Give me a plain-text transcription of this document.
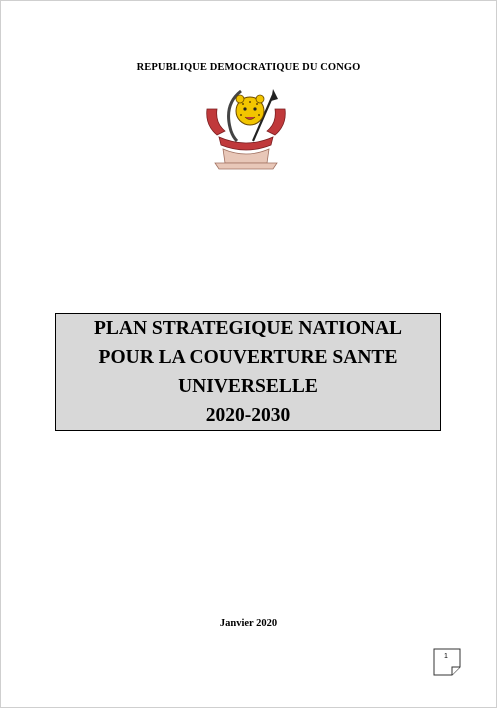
REPUBLIQUE DEMOCRATIQUE DU CONGO
PLAN STRATEGIQUE NATIONAL
POUR LA COUVERTURE SANTE
UNIVERSELLE
2020-2030
Janvier 2020
1
